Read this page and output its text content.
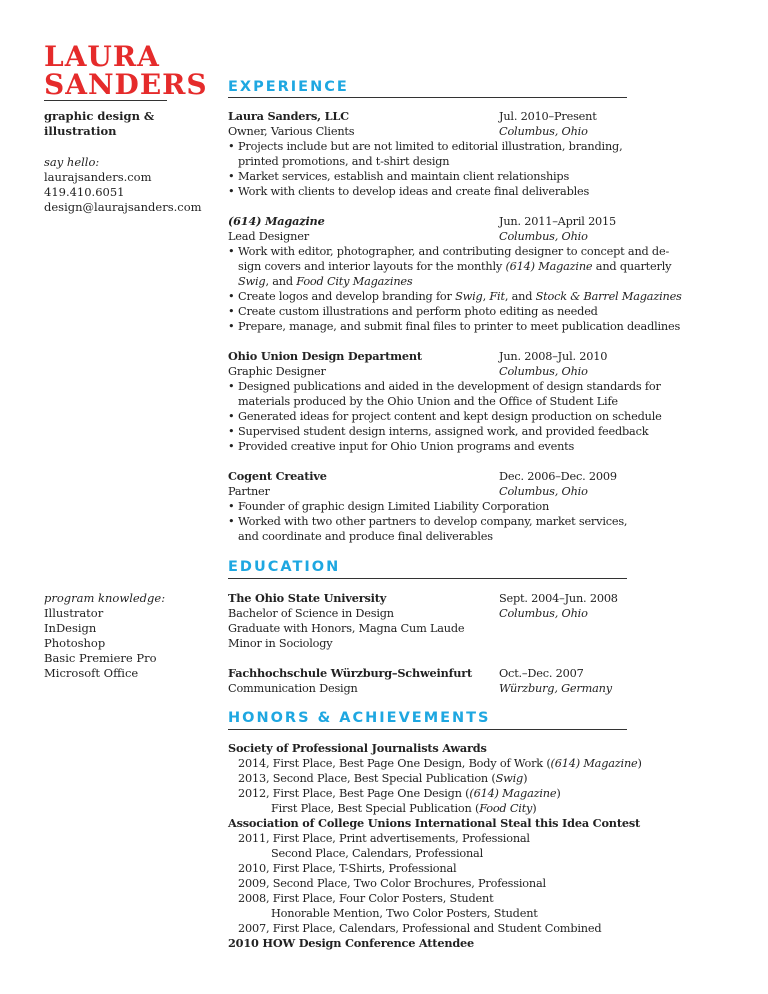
LAURA
SANDERS
graphic design &
illustration
say hello:
laurajsanders.com
419.410.6051
design@laurajsanders.com
program knowledge:
Illustrator
InDesign
Photoshop
Basic Premiere Pro
Microsoft Office
EXPERIENCE
Laura Sanders, LLC	Jul. 2010–Present
Owner, Various Clients	Columbus, Ohio
• Projects include but are not limited to editorial illustration, branding,
printed promotions, and t-shirt design
• Market services, establish and maintain client relationships
• Work with clients to develop ideas and create final deliverables
(614) Magazine	Jun. 2011–April 2015
Lead Designer	Columbus, Ohio
• Work with editor, photographer, and contributing designer to concept and de-
sign covers and interior layouts for the monthly (614) Magazine and quarterly
Swig, and Food City Magazines
• Create logos and develop branding for Swig, Fit, and Stock & Barrel Magazines
• Create custom illustrations and perform photo editing as needed
• Prepare, manage, and submit final files to printer to meet publication deadlines
Ohio Union Design Department	Jun. 2008–Jul. 2010
Graphic Designer	Columbus, Ohio
• Designed publications and aided in the development of design standards for
materials produced by the Ohio Union and the Office of Student Life
• Generated ideas for project content and kept design production on schedule
• Supervised student design interns, assigned work, and provided feedback
• Provided creative input for Ohio Union programs and events
Cogent Creative	Dec. 2006–Dec. 2009
Partner	Columbus, Ohio
• Founder of graphic design Limited Liability Corporation
• Worked with two other partners to develop company, market services,
and coordinate and produce final deliverables
EDUCATION
The Ohio State University	Sept. 2004–Jun. 2008
Bachelor of Science in Design	Columbus, Ohio
Graduate with Honors, Magna Cum Laude
Minor in Sociology
Fachhochschule Würzburg–Schweinfurt Oct.–Dec. 2007
Communication Design	Würzburg, Germany
HONORS & ACHIEVEMENTS
Society of Professional Journalists Awards
2014, First Place, Best Page One Design, Body of Work ((614) Magazine)
2013, Second Place, Best Special Publication (Swig)
2012, First Place, Best Page One Design ((614) Magazine)
First Place, Best Special Publication (Food City)
Association of College Unions International Steal this Idea Contest
2011, First Place, Print advertisements, Professional
Second Place, Calendars, Professional
2010, First Place, T-Shirts, Professional
2009, Second Place, Two Color Brochures, Professional
2008, First Place, Four Color Posters, Student
Honorable Mention, Two Color Posters, Student
2007, First Place, Calendars, Professional and Student Combined
2010 HOW Design Conference Attendee
